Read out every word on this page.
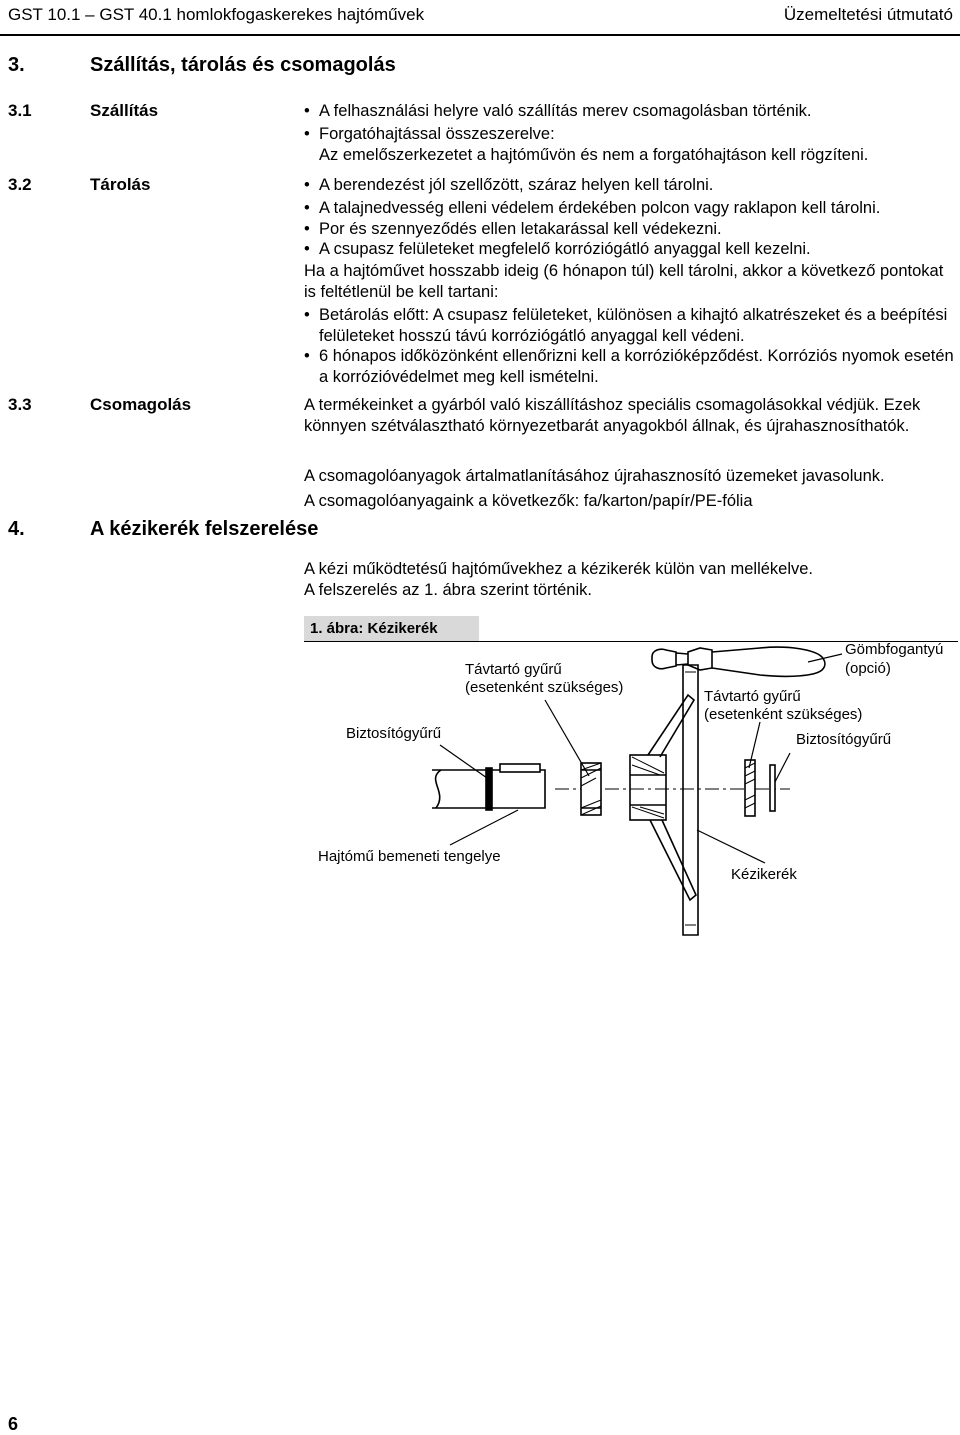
GST 10.1 – GST 40.1 homlokfogaskerekes hajtóművek	Üzemeltetési útmutató
3.	Szállítás, tárolás és csomagolás
3.1	Szállítás	• A felhasználási helyre való szállítás merev csomagolásban történik.
• Forgatóhajtással összeszerelve:
Az emelőszerkezetet a hajtóművön és nem a forgatóhajtáson kell rögzíteni.
3.2	Tárolás	• A berendezést jól szellőzött, száraz helyen kell tárolni.
• A talajnedvesség elleni védelem érdekében polcon vagy raklapon kell tárolni.
• Por és szennyeződés ellen letakarással kell védekezni.
• A csupasz felületeket megfelelő korróziógátló anyaggal kell kezelni.
Ha a hajtóművet hosszabb ideig (6 hónapon túl) kell tárolni, akkor a következő pontokat is feltétlenül be kell tartani:
• Betárolás előtt: A csupasz felületeket, különösen a kihajtó alkatrészeket és a beépítési felületeket hosszú távú korróziógátló anyaggal kell védeni.
• 6 hónapos időközönként ellenőrizni kell a korrózióképződést. Korróziós nyomok esetén a korrózióvédelmet meg kell ismételni.
3.3	Csomagolás	A termékeinket a gyárból való kiszállításhoz speciális csomagolásokkal védjük. Ezek könnyen szétválasztható környezetbarát anyagokból állnak, és újrahasznosíthatók.
A csomagolóanyagok ártalmatlanításához újrahasznosító üzemeket javasolunk.
A csomagolóanyagaink a következők: fa/karton/papír/PE-fólia
4.	A kézikerék felszerelése
A kézi működtetésű hajtóművekhez a kézikerék külön van mellékelve.
A felszerelés az 1. ábra szerint történik.
1. ábra: Kézikerék
Távtartó gyűrű
(esetenként szükséges)
Gömbfogantyú
(opció)
Távtartó gyűrű
(esetenként szükséges)
Biztosítógyűrű	Biztosítógyűrű
Hajtómű bemeneti tengelye
Kézikerék
6
